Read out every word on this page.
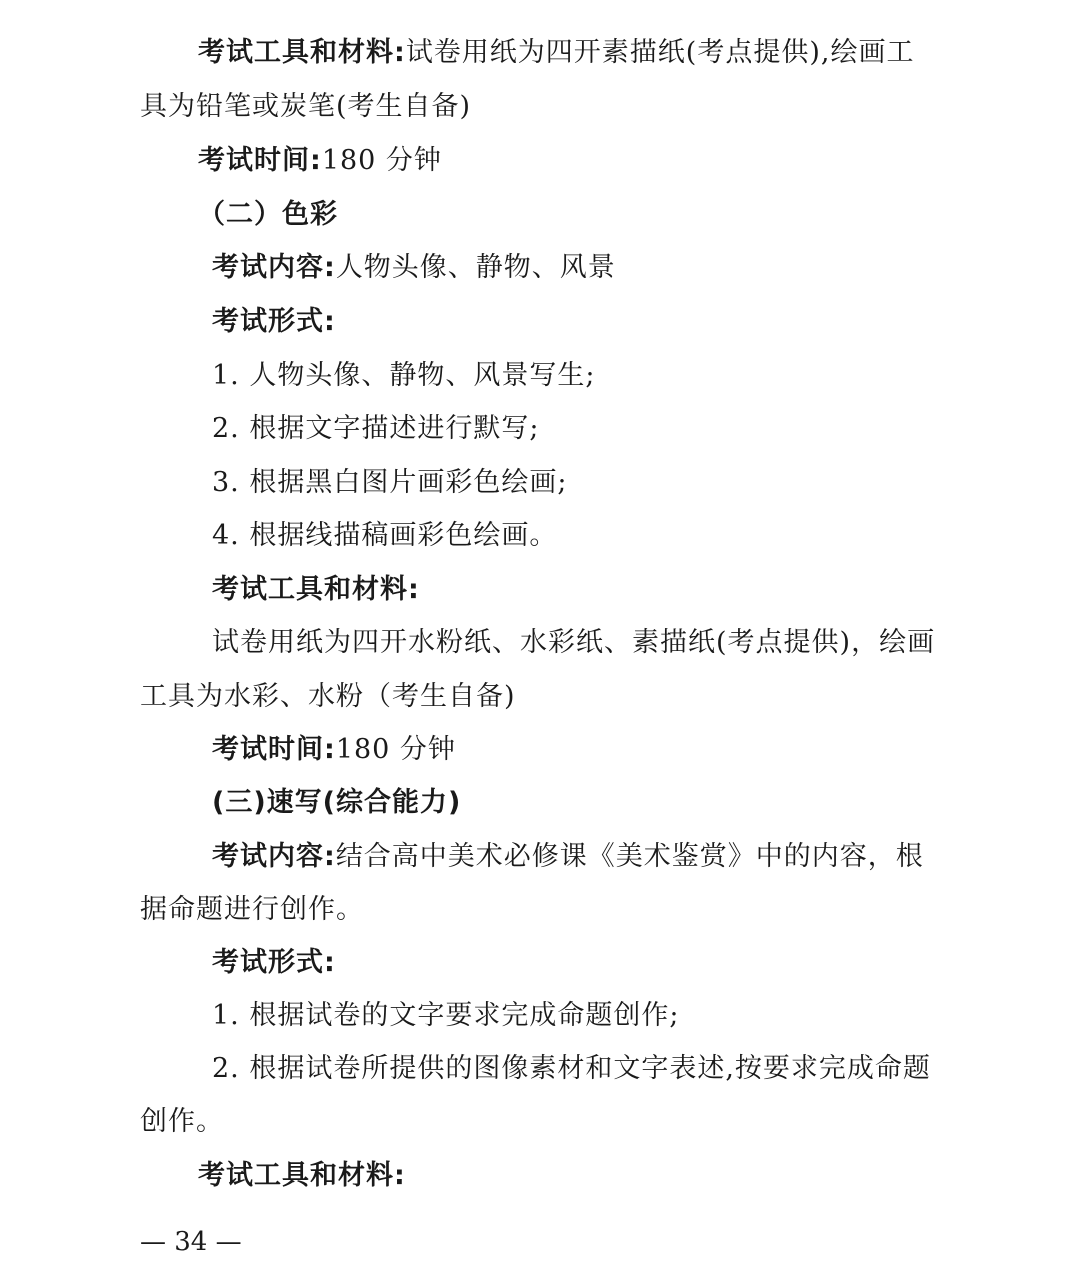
考试工具和材料:试卷用纸为四开素描纸(考点提供),绘画工
具为铅笔或炭笔(考生自备)
考试时间:180 分钟
（二）色彩
考试内容:人物头像、静物、风景
考试形式:
1. 人物头像、静物、风景写生;
2. 根据文字描述进行默写;
3. 根据黑白图片画彩色绘画;
4. 根据线描稿画彩色绘画。
考试工具和材料:
试卷用纸为四开水粉纸、水彩纸、素描纸(考点提供)，绘画
工具为水彩、水粉（考生自备)
考试时间:180 分钟
(三)速写(综合能力)
考试内容:结合高中美术必修课《美术鉴赏》中的内容，根
据命题进行创作。
考试形式:
1. 根据试卷的文字要求完成命题创作;
2. 根据试卷所提供的图像素材和文字表述,按要求完成命题
创作。
考试工具和材料:
— 34 —
